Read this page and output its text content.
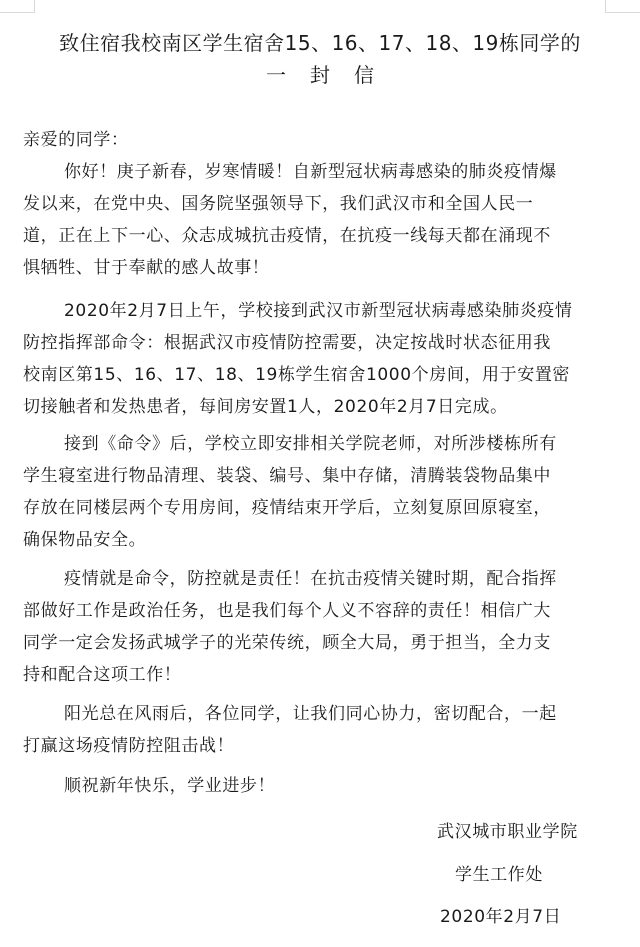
致住宿我校南区学生宿舍15、16、17、18、19栋同学的
一封信
亲爱的同学：
你好！庚子新春，岁寒情暖！自新型冠状病毒感染的肺炎疫情爆
发以来，在党中央、国务院坚强领导下，我们武汉市和全国人民一
道，正在上下一心、众志成城抗击疫情，在抗疫一线每天都在涌现不
惧牺牲、甘于奉献的感人故事！
2020年2月7日上午，学校接到武汉市新型冠状病毒感染肺炎疫情
防控指挥部命令：根据武汉市疫情防控需要，决定按战时状态征用我
校南区第15、16、17、18、19栋学生宿舍1000个房间，用于安置密
切接触者和发热患者，每间房安置1人，2020年2月7日完成。
接到《命令》后，学校立即安排相关学院老师，对所涉楼栋所有
学生寝室进行物品清理、装袋、编号、集中存储，清腾装袋物品集中
存放在同楼层两个专用房间，疫情结束开学后，立刻复原回原寝室，
确保物品安全。
疫情就是命令，防控就是责任！在抗击疫情关键时期，配合指挥
部做好工作是政治任务，也是我们每个人义不容辞的责任！相信广大
同学一定会发扬武城学子的光荣传统，顾全大局，勇于担当，全力支
持和配合这项工作！
阳光总在风雨后，各位同学，让我们同心协力，密切配合，一起
打赢这场疫情防控阻击战！
顺祝新年快乐，学业进步！
武汉城市职业学院
学生工作处
2020年2月7日
